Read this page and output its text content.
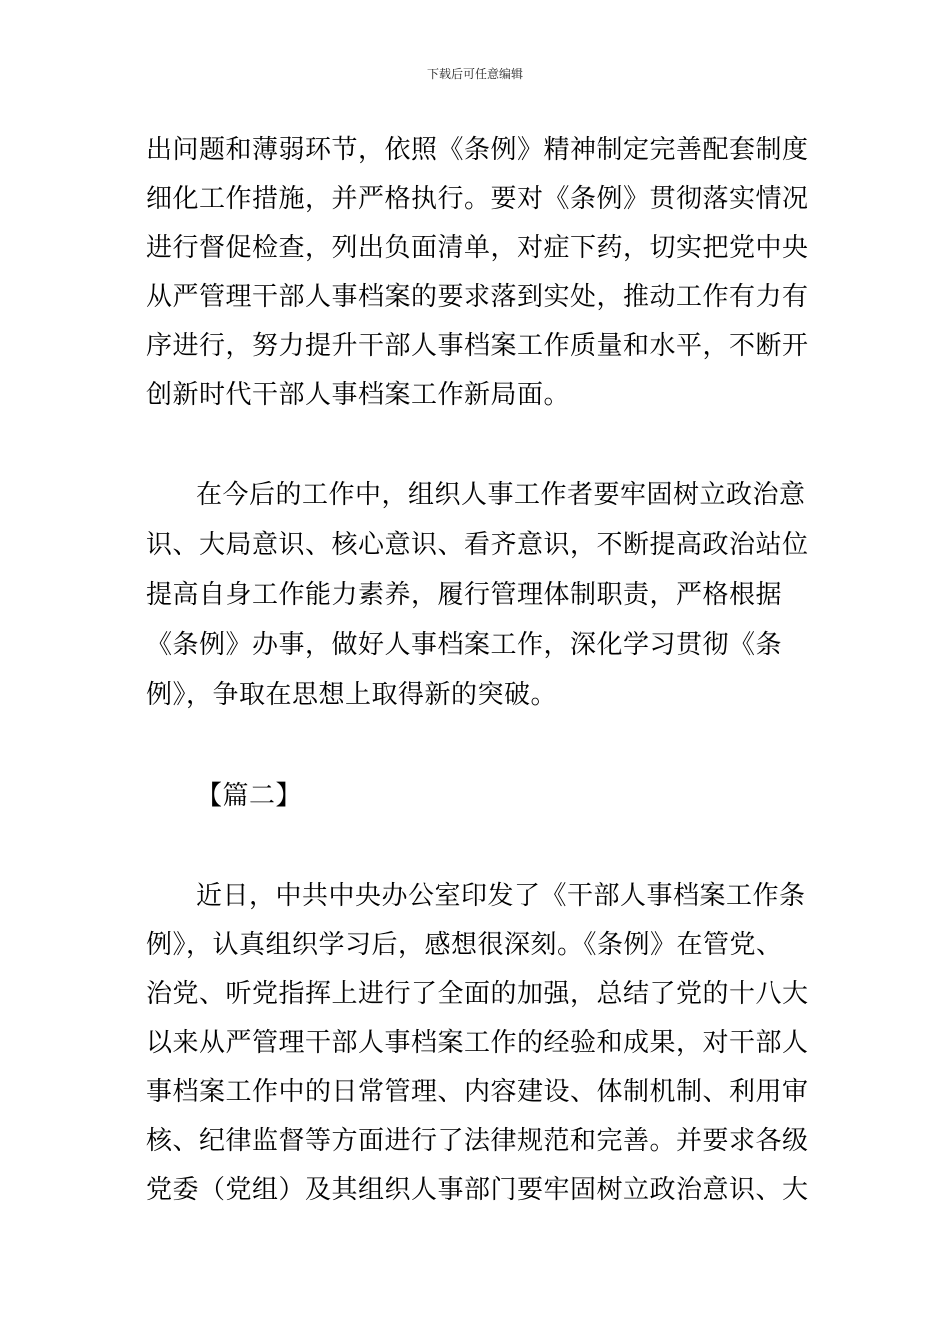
下载后可任意编辑
出问题和薄弱环节，依照《条例》精神制定完善配套制度
细化工作措施，并严格执行。要对《条例》贯彻落实情况
进行督促检查，列出负面清单，对症下药，切实把党中央
从严管理干部人事档案的要求落到实处，推动工作有力有
序进行，努力提升干部人事档案工作质量和水平，不断开
创新时代干部人事档案工作新局面。
在今后的工作中，组织人事工作者要牢固树立政治意
识、大局意识、核心意识、看齐意识，不断提高政治站位
提高自身工作能力素养，履行管理体制职责，严格根据
《条例》办事，做好人事档案工作，深化学习贯彻《条
例》，争取在思想上取得新的突破。
【篇二】
近日，中共中央办公室印发了《干部人事档案工作条
例》，认真组织学习后，感想很深刻。《条例》在管党、
治党、听党指挥上进行了全面的加强，总结了党的十八大
以来从严管理干部人事档案工作的经验和成果，对干部人
事档案工作中的日常管理、内容建设、体制机制、利用审
核、纪律监督等方面进行了法律规范和完善。并要求各级
党委（党组）及其组织人事部门要牢固树立政治意识、大
